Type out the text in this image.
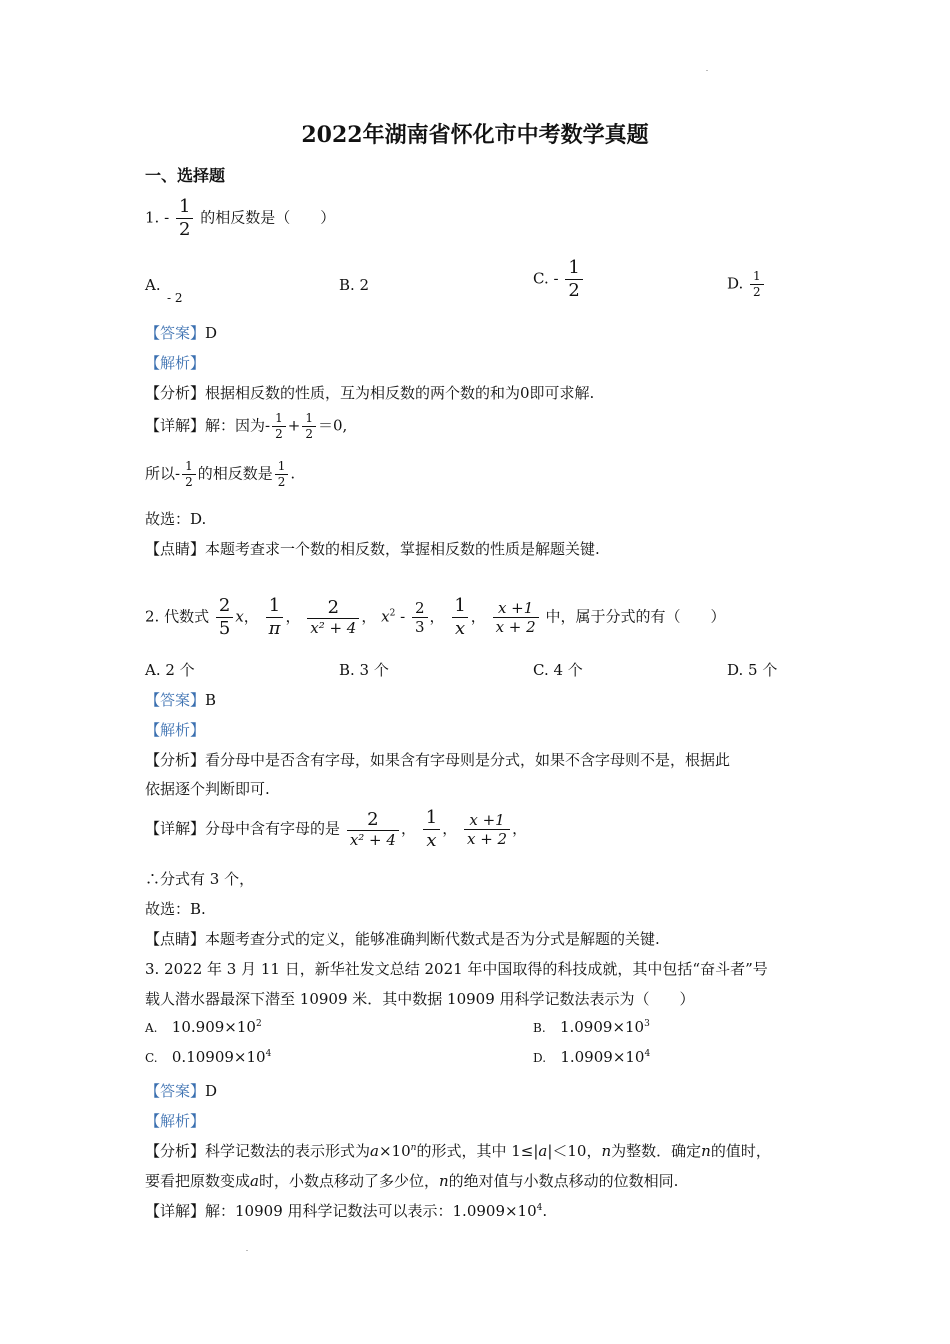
2022年湖南省怀化市中考数学真题
一、选择题
1. - $\frac{1}{2}$ 的相反数是（　　）
A.
- 2
B. 2	C. - $\frac{1}{2}$	D. $\frac{1}{2}$
【答案】D
【解析】
【分析】根据相反数的性质，互为相反数的两个数的和为0即可求解.
【详解】解：因为- $\frac{1}{2} + \frac{1}{2} =0$,
所以- $\frac{1}{2}$ 的相反数是 $\frac{1}{2}$ .
故选：D.
【点睛】本题考查求一个数的相反数，掌握相反数的性质是解题关键.
2. 代数式 $\frac{2}{5}$ x， $\frac{1}{\pi}$ ， $\frac{2}{\text{x² + 4}}$ ， $x^2 - \frac{2}{3}$ ， $\frac{1}{x}$ ， $\frac{x +1}{x + 2}$ 中，属于分式的有（　　）
A. 2 个	B. 3 个	C. 4 个	D. 5 个
【答案】B
【解析】
【分析】看分母中是否含有字母，如果含有字母则是分式，如果不含字母则不是，根据此
依据逐个判断即可.
【详解】分母中含有字母的是 $\frac{2}{\text{x² + 4}}$ ， $\frac{1}{x}$ ， $\frac{x +1}{x + 2}$ ，
∴分式有 3 个，
故选：B.
【点睛】本题考查分式的定义，能够准确判断代数式是否为分式是解题的关键.
3. 2022 年 3 月 11 日，新华社发文总结 2021 年中国取得的科技成就，其中包括“奋斗者”号
载人潜水器最深下潜至 10909 米．其中数据 10909 用科学记数法表示为（　　）
A. $10.909\times 10^2$	B. $1.0909\times 10^3$
C. $0.10909\times 10^4$	D. $1.0909\times 10^4$
【答案】D
【解析】
【分析】科学记数法的表示形式为$a\times 10^n$的形式，其中 1≤|a|＜10，n为整数．确定n的值时，
要看把原数变成a时，小数点移动了多少位，n的绝对值与小数点移动的位数相同.
【详解】解：10909 用科学记数法可以表示：$1.0909\times 10^4$.
